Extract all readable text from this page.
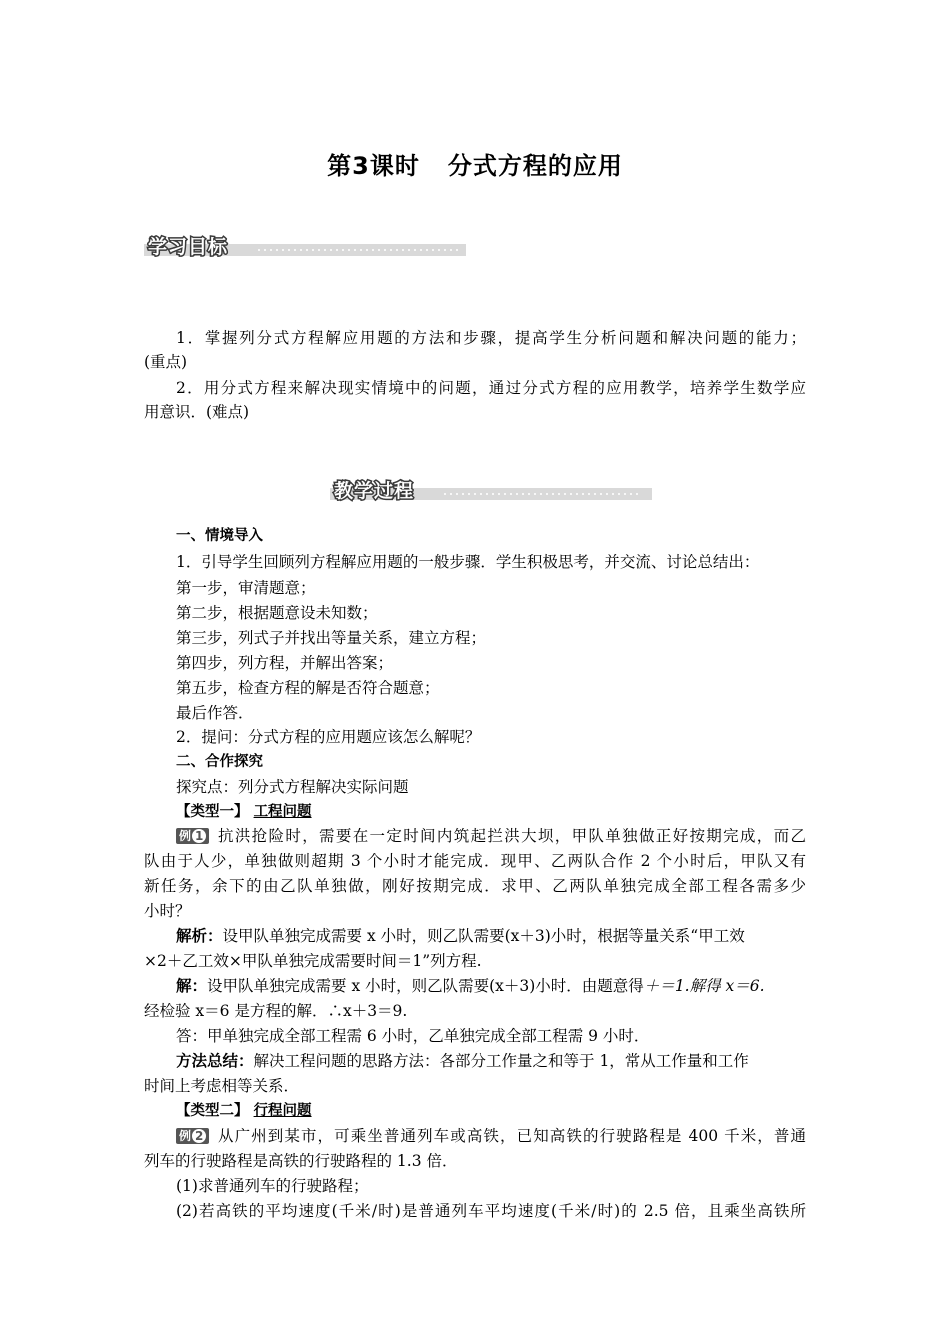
第3课时 分式方程的应用
学习目标
1．掌握列分式方程解应用题的方法和步骤，提高学生分析问题和解决问题的能力；
(重点)
2．用分式方程来解决现实情境中的问题，通过分式方程的应用教学，培养学生数学应
用意识．(难点)
教学过程
一、情境导入
1．引导学生回顾列方程解应用题的一般步骤．学生积极思考，并交流、讨论总结出：
第一步，审清题意；
第二步，根据题意设未知数；
第三步，列式子并找出等量关系，建立方程；
第四步，列方程，并解出答案；
第五步，检查方程的解是否符合题意；
最后作答．
2．提问：分式方程的应用题应该怎么解呢？
二、合作探究
探究点：列分式方程解决实际问题
【类型一】 工程问题
例 1 抗洪抢险时，需要在一定时间内筑起拦洪大坝，甲队单独做正好按期完成，而乙
队由于人少，单独做则超期 3 个小时才能完成．现甲、乙两队合作 2 个小时后，甲队又有
新任务，余下的由乙队单独做，刚好按期完成．求甲、乙两队单独完成全部工程各需多少
小时？
解析：设甲队单独完成需要 x 小时，则乙队需要(x＋3)小时，根据等量关系“甲工效
×2＋乙工效×甲队单独完成需要时间＝1”列方程.
解：设甲队单独完成需要 x 小时，则乙队需要(x＋3)小时．由题意得＋＝1.解得 x＝6.
经检验 x＝6 是方程的解．∴x＋3＝9.
答：甲单独完成全部工程需 6 小时，乙单独完成全部工程需 9 小时．
方法总结：解决工程问题的思路方法：各部分工作量之和等于 1，常从工作量和工作
时间上考虑相等关系．
【类型二】 行程问题
例 2 从广州到某市，可乘坐普通列车或高铁，已知高铁的行驶路程是 400 千米，普通
列车的行驶路程是高铁的行驶路程的 1.3 倍．
(1)求普通列车的行驶路程；
(2)若高铁的平均速度(千米/时)是普通列车平均速度(千米/时)的 2.5 倍，且乘坐高铁所
